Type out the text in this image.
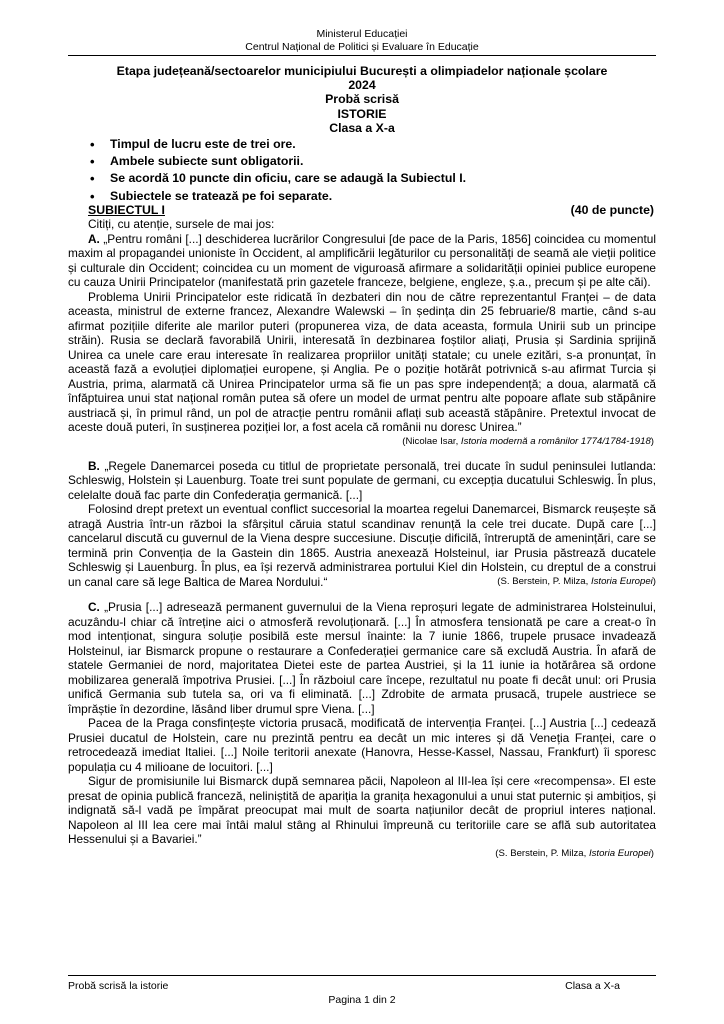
Ministerul Educației
Centrul Național de Politici și Evaluare în Educație
Etapa județeană/sectoarelor municipiului București a olimpiadelor naționale școlare
2024
Probă scrisă
ISTORIE
Clasa a X-a
• Timpul de lucru este de trei ore.
• Ambele subiecte sunt obligatorii.
• Se acordă 10 puncte din oficiu, care se adaugă la Subiectul I.
• Subiectele se tratează pe foi separate.
SUBIECTUL I	(40 de puncte)

Citiți, cu atenție, sursele de mai jos:

A. „Pentru români [...] deschiderea lucrărilor Congresului [de pace de la Paris, 1856] coincidea cu momentul maxim al propagandei unioniste în Occident, al amplificării legăturilor cu personalități de seamă ale vieții politice și culturale din Occident; coincidea cu un moment de viguroasă afirmare a solidarității opiniei publice europene cu cauza Unirii Principatelor (manifestată prin gazetele franceze, belgiene, engleze, ș.a., precum și pe alte căi).

Problema Unirii Principatelor este ridicată în dezbateri din nou de către reprezentantul Franței – de data aceasta, ministrul de externe francez, Alexandre Walewski – în ședința din 25 februarie/8 martie, când s-au afirmat pozițiile diferite ale marilor puteri (propunerea viza, de data aceasta, formula Unirii sub un principe străin). Rusia se declară favorabilă Unirii, interesată în dezbinarea foștilor aliați, Prusia și Sardinia sprijină Unirea ca unele care erau interesate în realizarea propriilor unități statale; cu unele ezitări, s-a pronunțat, în această fază a evoluției diplomației europene, și Anglia. Pe o poziție hotărât potrivnică s-au afirmat Turcia și Austria, prima, alarmată că Unirea Principatelor urma să fie un pas spre independență; a doua, alarmată că înfăptuirea unui stat național român putea să ofere un model de urmat pentru alte popoare aflate sub stăpânire austriacă și, în primul rând, un pol de atracție pentru românii aflați sub această stăpânire. Pretextul invocat de aceste două puteri, în susținerea poziției lor, a fost acela că românii nu doresc Unirea.”

(Nicolae Isar, Istoria modernă a românilor 1774/1784-1918)

B. „Regele Danemarcei poseda cu titlul de proprietate personală, trei ducate în sudul peninsulei Iutlanda: Schleswig, Holstein și Lauenburg. Toate trei sunt populate de germani, cu excepția ducatului Schleswig. În plus, celelalte două fac parte din Confederația germanică. [...]

Folosind drept pretext un eventual conflict succesorial la moartea regelui Danemarcei, Bismarck reușește să atragă Austria într-un război la sfârșitul căruia statul scandinav renunță la cele trei ducate. După care [...] cancelarul discută cu guvernul de la Viena despre succesiune. Discuție dificilă, întreruptă de amenințări, care se termină prin Convenția de la Gastein din 1865. Austria anexează Holsteinul, iar Prusia păstrează ducatele Schleswig și Lauenburg. În plus, ea își rezervă administrarea portului Kiel din Holstein, cu dreptul de a construi un canal care să lege Baltica de Marea Nordului.“	(S. Berstein, P. Milza, Istoria Europei)

C. „Prusia [...] adresează permanent guvernului de la Viena reproșuri legate de administrarea Holsteinului, acuzându-l chiar că întreține aici o atmosferă revoluționară. [...] În atmosfera tensionată pe care a creat-o în mod intenționat, singura soluție posibilă este mersul înainte: la 7 iunie 1866, trupele prusace invadează Holsteinul, iar Bismarck propune o restaurare a Confederației germanice care să excludă Austria. În afară de statele Germaniei de nord, majoritatea Dietei este de partea Austriei, și la 11 iunie ia hotărârea să ordone mobilizarea generală împotriva Prusiei. [...] În războiul care începe, rezultatul nu poate fi decât unul: ori Prusia unifică Germania sub tutela sa, ori va fi eliminată. [...] Zdrobite de armata prusacă, trupele austriece se împrăștie în dezordine, lăsând liber drumul spre Viena. [...]

Pacea de la Praga consfințește victoria prusacă, modificată de intervenția Franței. [...] Austria [...] cedează Prusiei ducatul de Holstein, care nu prezintă pentru ea decât un mic interes și dă Veneția Franței, care o retrocedează imediat Italiei. [...] Noile teritorii anexate (Hanovra, Hesse-Kassel, Nassau, Frankfurt) îi sporesc populația cu 4 milioane de locuitori. [...]

Sigur de promisiunile lui Bismarck după semnarea păcii, Napoleon al III-lea își cere «recompensa». El este presat de opinia publică franceză, neliniștită de apariția la granița hexagonului a unui stat puternic și ambițios, și indignată să-l vadă pe împărat preocupat mai mult de soarta națiunilor decât de propriul interes național. Napoleon al III lea cere mai întâi malul stâng al Rhinului împreună cu teritoriile care se află sub autoritatea Hessenului și a Bavariei.”

(S. Berstein, P. Milza, Istoria Europei)
Probă scrisă la istorie	Clasa a X-a
Pagina 1 din 2
